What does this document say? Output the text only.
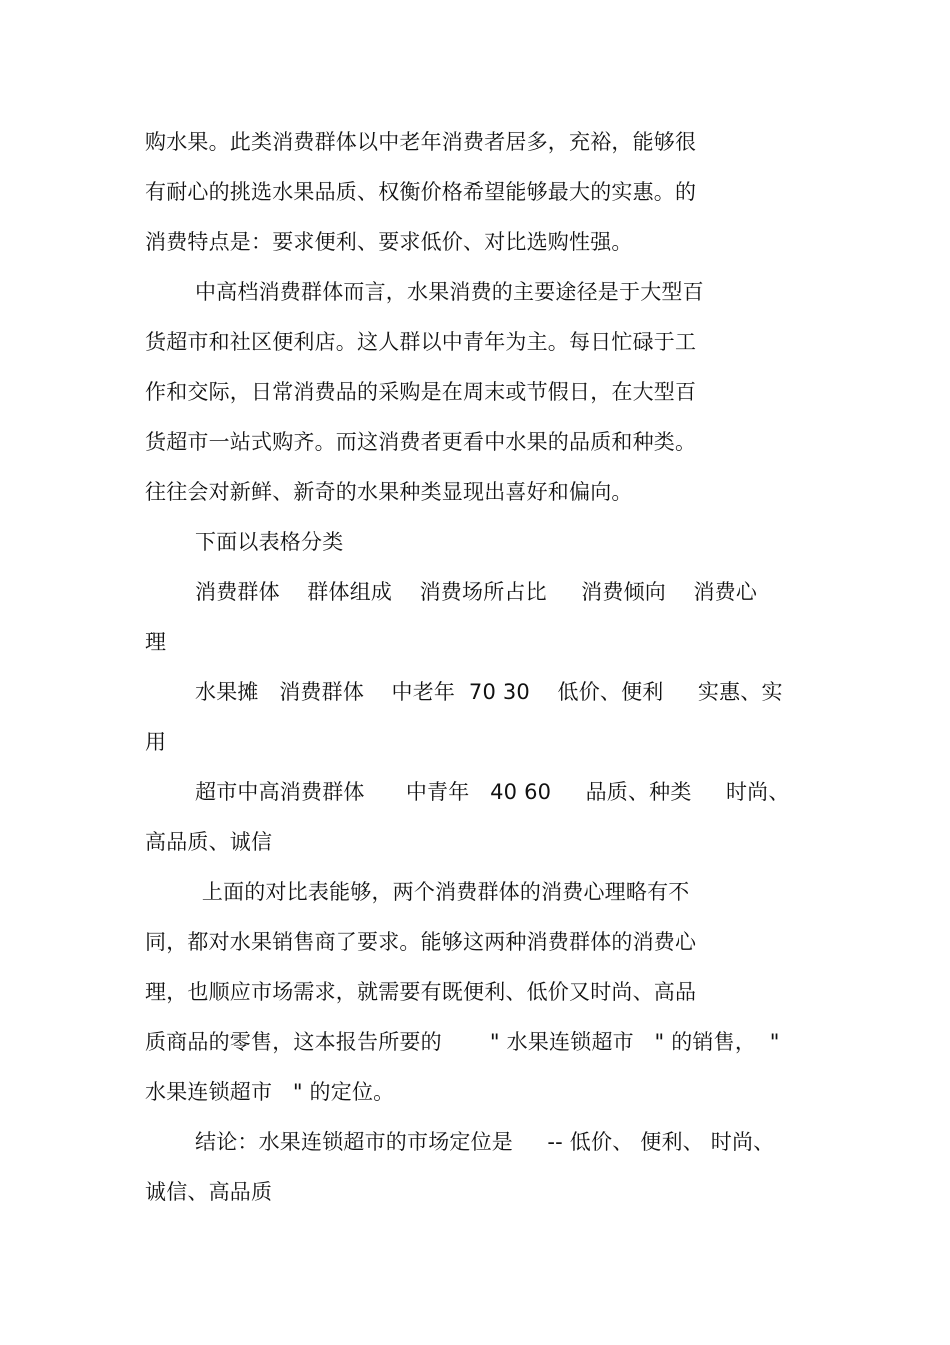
购水果。此类消费群体以中老年消费者居多，充裕，能够很
有耐心的挑选水果品质、权衡价格希望能够最大的实惠。的
消费特点是：要求便利、要求低价、对比选购性强。
中高档消费群体而言，水果消费的主要途径是于大型百
货超市和社区便利店。这人群以中青年为主。每日忙碌于工
作和交际，日常消费品的采购是在周末或节假日，在大型百
货超市一站式购齐。而这消费者更看中水果的品质和种类。
往往会对新鲜、新奇的水果种类显现出喜好和偏向。
下面以表格分类
消费群体    群体组成    消费场所占比     消费倾向    消费心
理
水果摊   消费群体    中老年  70 30    低价、便利     实惠、实
用
超市中高消费群体      中青年   40 60     品质、种类     时尚、
高品质、诚信
上面的对比表能够，两个消费群体的消费心理略有不
同，都对水果销售商了要求。能够这两种消费群体的消费心
理，也顺应市场需求，就需要有既便利、低价又时尚、高品
质商品的零售，这本报告所要的       " 水果连锁超市   " 的销售，  "
水果连锁超市   " 的定位。
结论：水果连锁超市的市场定位是     -- 低价、 便利、 时尚、
诚信、高品质
